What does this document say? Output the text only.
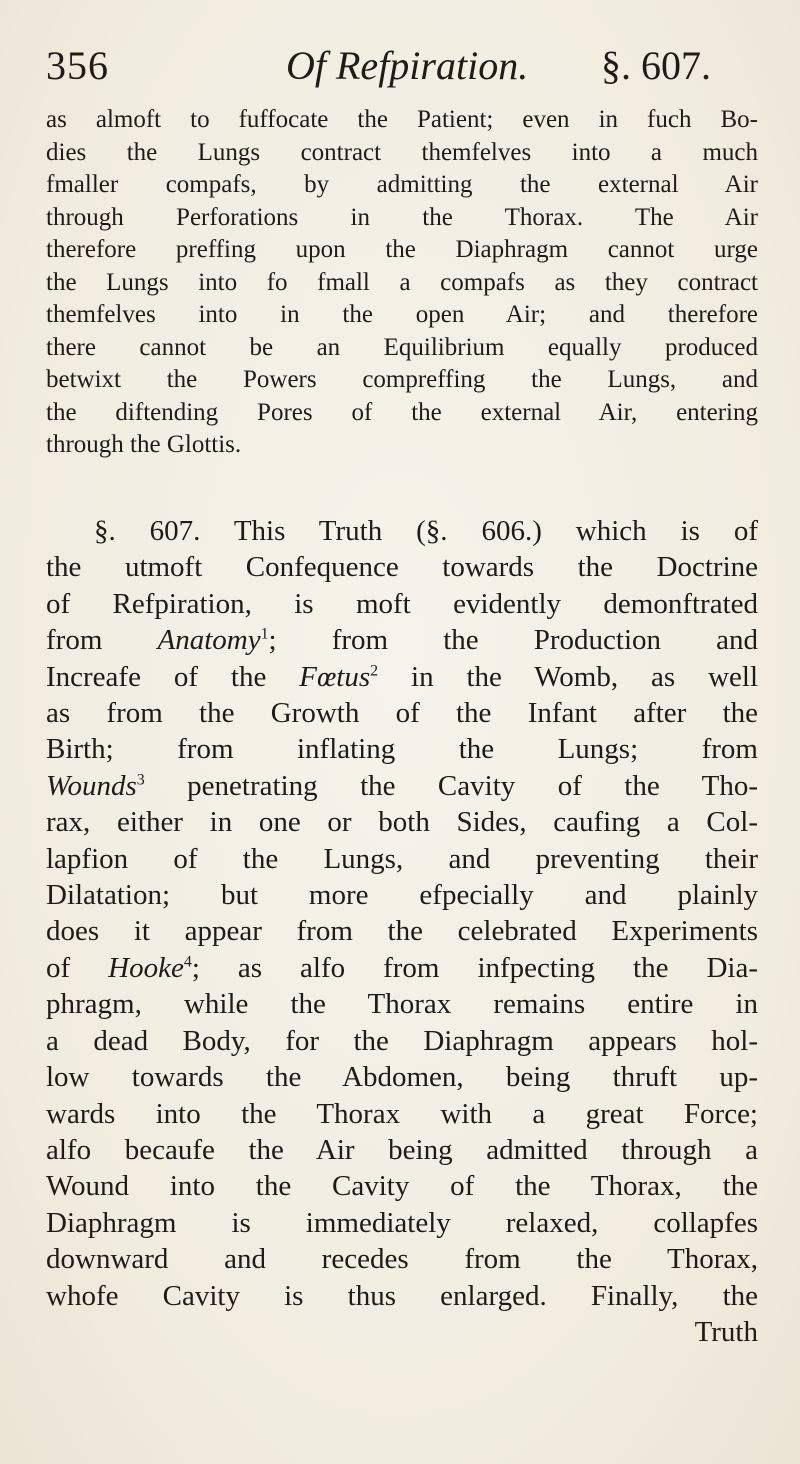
356	Of Refpiration. §. 607.
as almoft to fuffocate the Patient; even in fuch Bo-
dies the Lungs contract themfelves into a much
fmaller compafs, by admitting the external Air
through Perforations in the Thorax. The Air
therefore preffing upon the Diaphragm cannot urge
the Lungs into fo fmall a compafs as they contract
themfelves into in the open Air; and therefore
there cannot be an Equilibrium equally produced
betwixt the Powers compreffing the Lungs, and
the diftending Pores of the external Air, entering
through the Glottis.
§. 607. This Truth (§. 606.) which is of
the utmoft Confequence towards the Doctrine
of Refpiration, is moft evidently demonftrated
from Anatomy$^1$; from the Production and
Increafe of the Fœtus$^2$ in the Womb, as well
as from the Growth of the Infant after the
Birth; from inflating the Lungs; from
Wounds$^3$ penetrating the Cavity of the Tho-
rax, either in one or both Sides, caufing a Col-
lapfion of the Lungs, and preventing their
Dilatation; but more efpecially and plainly
does it appear from the celebrated Experiments
of Hooke$^4$; as alfo from infpecting the Dia-
phragm, while the Thorax remains entire in
a dead Body, for the Diaphragm appears hol-
low towards the Abdomen, being thruft up-
wards into the Thorax with a great Force;
alfo becaufe the Air being admitted through a
Wound into the Cavity of the Thorax, the
Diaphragm is immediately relaxed, collapfes
downward and recedes from the Thorax,
whofe Cavity is thus enlarged. Finally, the
Truth
